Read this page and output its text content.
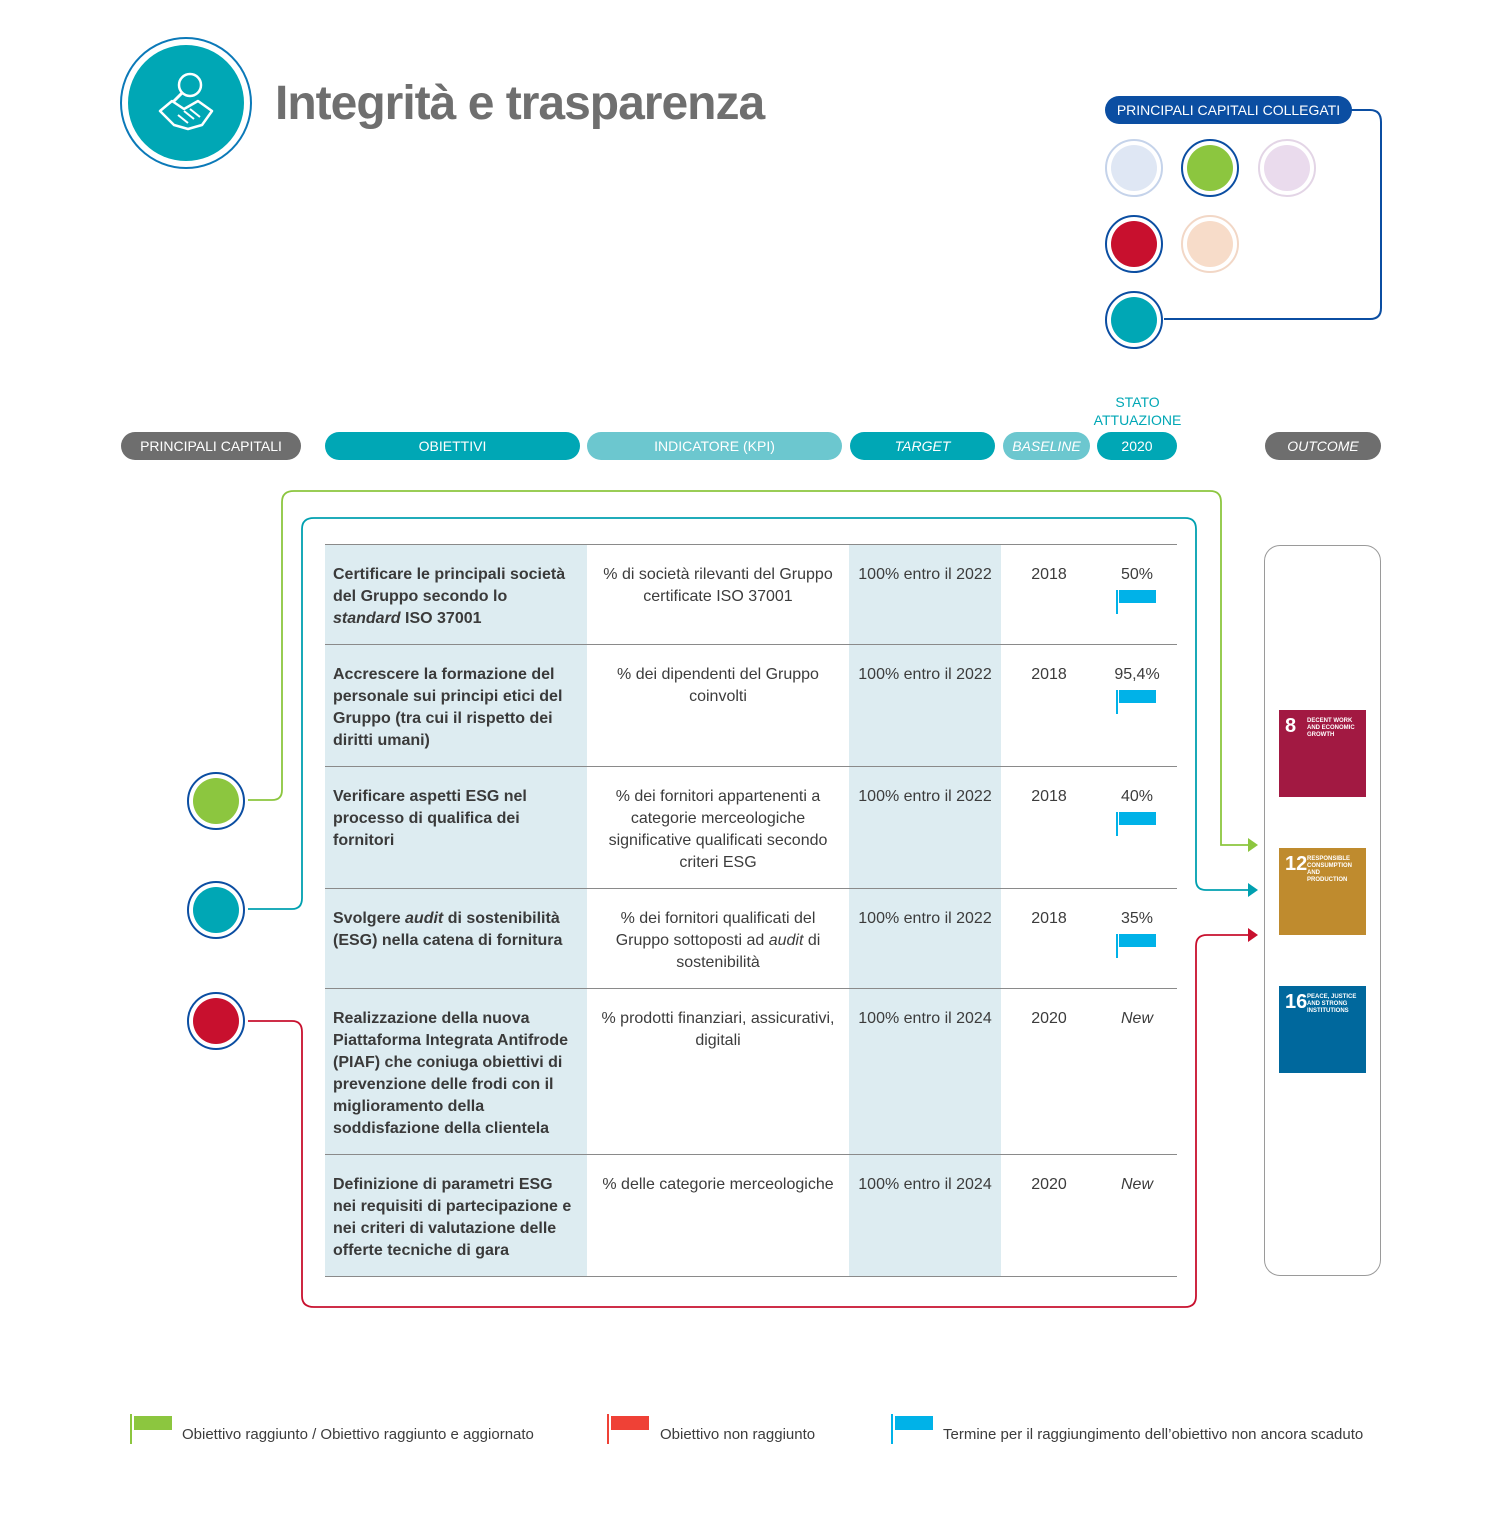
Integrità e trasparenza	PRINCIPALI CAPITALI COLLEGATI
PRINCIPALI CAPITALI	OBIETTIVI	INDICATORE (KPI)	TARGET	BASELINE
STATO
ATTUAZIONE
2020	OUTCOME
Certificare le principali società del Gruppo secondo lo standard ISO 37001	% di società rilevanti del Gruppo certificate ISO 37001	100% entro il 2022	2018	50%

Accrescere la formazione del personale sui principi etici del Gruppo (tra cui il rispetto dei diritti umani)	% dei dipendenti del Gruppo coinvolti	100% entro il 2022	2018	95,4%

Verificare aspetti ESG nel processo di qualifica dei fornitori	% dei fornitori appartenenti a categorie merceologiche significative qualificati secondo criteri ESG	100% entro il 2022	2018	40%

Svolgere audit di sostenibilità (ESG) nella catena di fornitura	% dei fornitori qualificati del Gruppo sottoposti ad audit di sostenibilità	100% entro il 2022	2018	35%

Realizzazione della nuova Piattaforma Integrata Antifrode (PIAF) che coniuga obiettivi di prevenzione delle frodi con il miglioramento della soddisfazione della clientela	% prodotti finanziari, assicurativi, digitali	100% entro il 2024	2020	New

Definizione di parametri ESG nei requisiti di partecipazione e nei criteri di valutazione delle offerte tecniche di gara	% delle categorie merceologiche	100% entro il 2024	2020	New
8 DECENT WORK AND ECONOMIC GROWTH
12 RESPONSIBLE CONSUMPTION AND PRODUCTION
16 PEACE, JUSTICE AND STRONG INSTITUTIONS
Obiettivo raggiunto / Obiettivo raggiunto e aggiornato	Obiettivo non raggiunto	Termine per il raggiungimento dell’obiettivo non ancora scaduto
